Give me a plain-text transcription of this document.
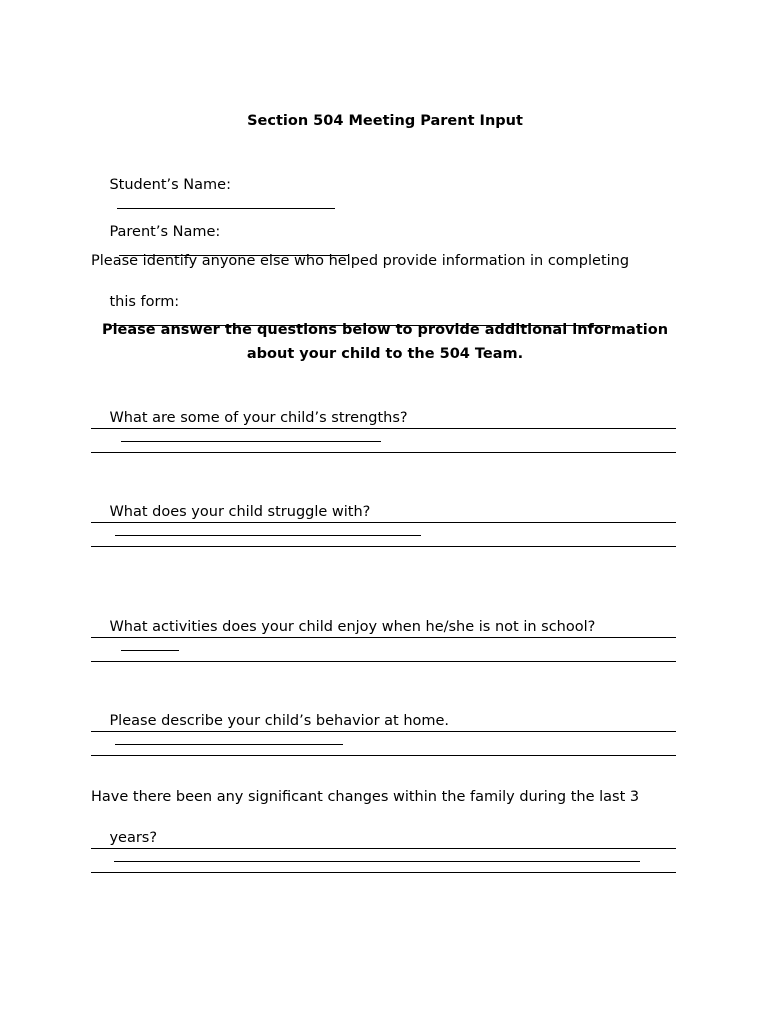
Section 504 Meeting Parent Input

Student’s Name:

Parent’s Name:

Please identify anyone else who helped provide information in completing

this form:

Please answer the questions below to provide additional information
about your child to the 504 Team.

What are some of your child’s strengths?

What does your child struggle with?

What activities does your child enjoy when he/she is not in school?

Please describe your child’s behavior at home.

Have there been any significant changes within the family during the last 3

years?
